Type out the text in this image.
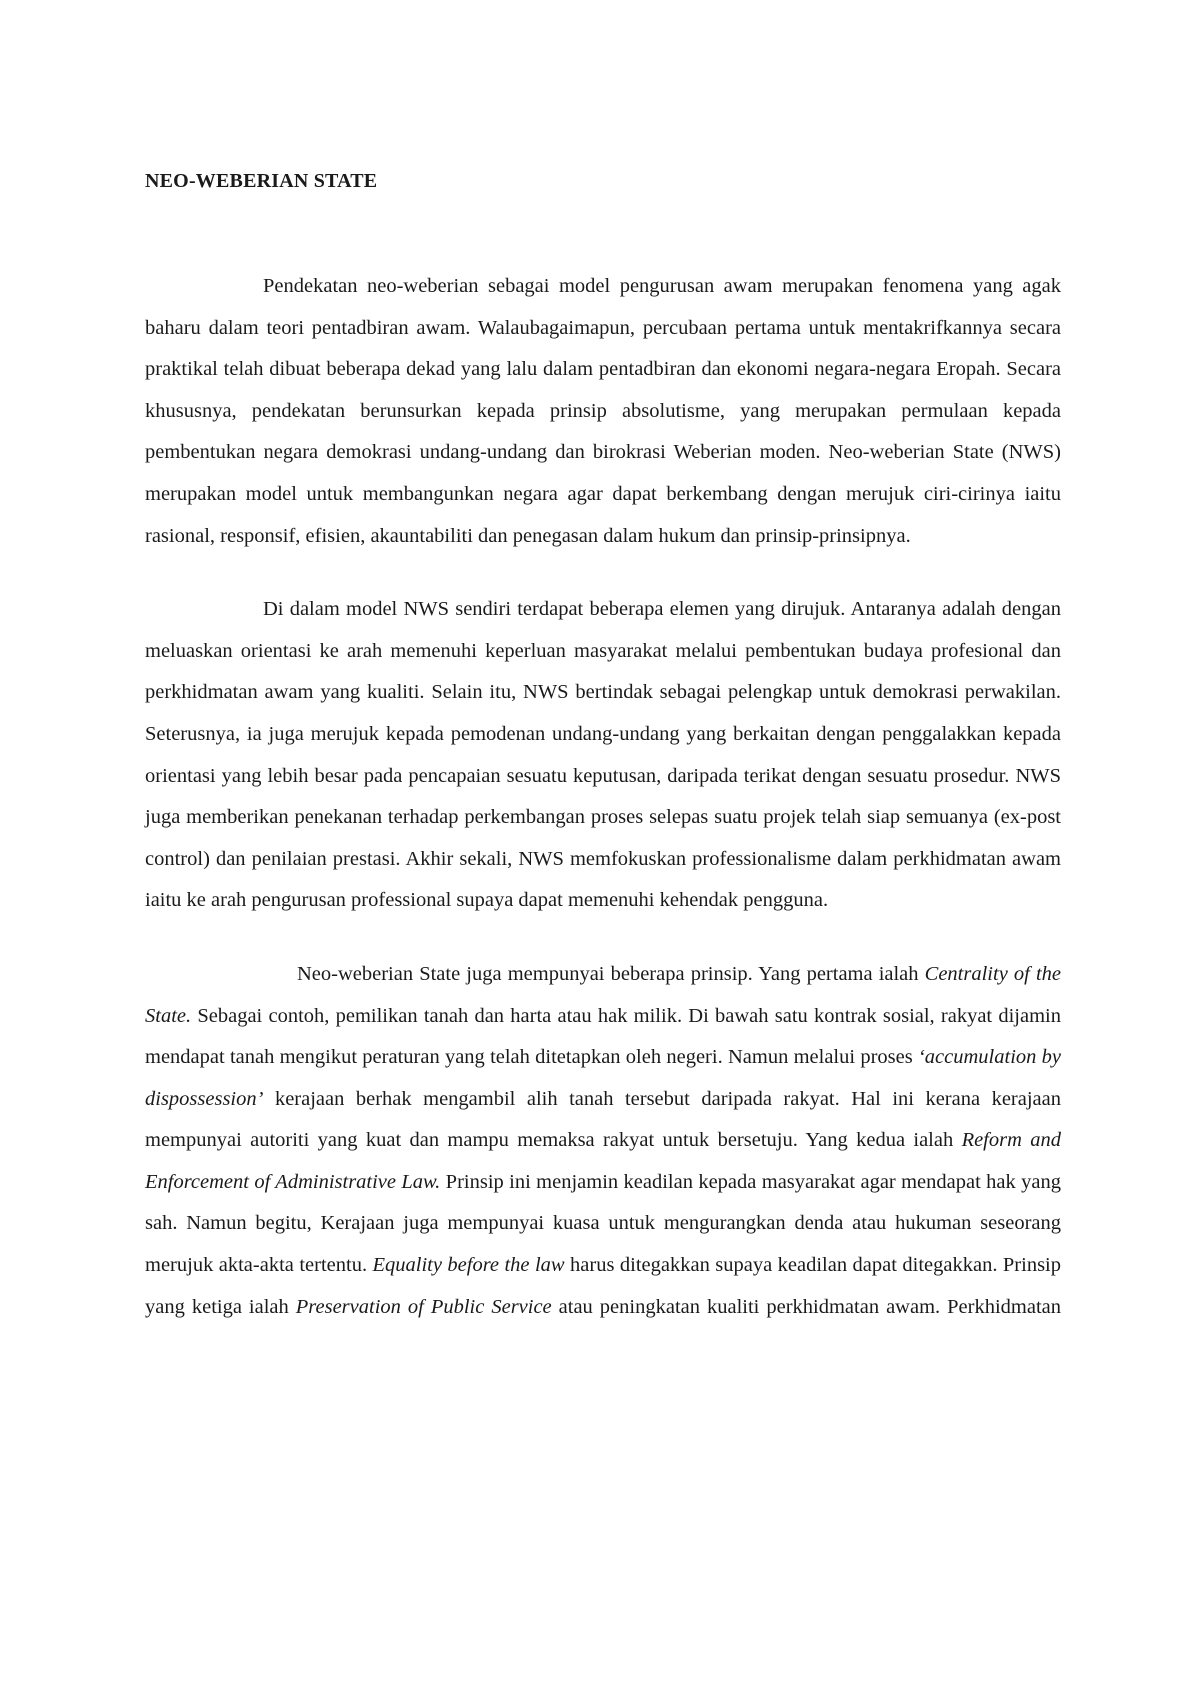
NEO-WEBERIAN STATE

Pendekatan neo-weberian sebagai model pengurusan awam merupakan fenomena yang agak baharu dalam teori pentadbiran awam. Walaubagaimapun, percubaan pertama untuk mentakrifkannya secara praktikal telah dibuat beberapa dekad yang lalu dalam pentadbiran dan ekonomi negara-negara Eropah. Secara khususnya, pendekatan berunsurkan kepada prinsip absolutisme, yang merupakan permulaan kepada pembentukan negara demokrasi undang-undang dan birokrasi Weberian moden. Neo-weberian State (NWS) merupakan model untuk membangunkan negara agar dapat berkembang dengan merujuk ciri-cirinya iaitu rasional, responsif, efisien, akauntabiliti dan penegasan dalam hukum dan prinsip-prinsipnya.

Di dalam model NWS sendiri terdapat beberapa elemen yang dirujuk. Antaranya adalah dengan meluaskan orientasi ke arah memenuhi keperluan masyarakat melalui pembentukan budaya profesional dan perkhidmatan awam yang kualiti. Selain itu, NWS bertindak sebagai pelengkap untuk demokrasi perwakilan. Seterusnya, ia juga merujuk kepada pemodenan undang-undang yang berkaitan dengan penggalakkan kepada orientasi yang lebih besar pada pencapaian sesuatu keputusan, daripada terikat dengan sesuatu prosedur. NWS juga memberikan penekanan terhadap perkembangan proses selepas suatu projek telah siap semuanya (ex-post control) dan penilaian prestasi. Akhir sekali, NWS memfokuskan professionalisme dalam perkhidmatan awam iaitu ke arah pengurusan professional supaya dapat memenuhi kehendak pengguna.

Neo-weberian State juga mempunyai beberapa prinsip. Yang pertama ialah Centrality of the State. Sebagai contoh, pemilikan tanah dan harta atau hak milik. Di bawah satu kontrak sosial, rakyat dijamin mendapat tanah mengikut peraturan yang telah ditetapkan oleh negeri. Namun melalui proses ‘accumulation by dispossession’ kerajaan berhak mengambil alih tanah tersebut daripada rakyat. Hal ini kerana kerajaan mempunyai autoriti yang kuat dan mampu memaksa rakyat untuk bersetuju. Yang kedua ialah Reform and Enforcement of Administrative Law. Prinsip ini menjamin keadilan kepada masyarakat agar mendapat hak yang sah. Namun begitu, Kerajaan juga mempunyai kuasa untuk mengurangkan denda atau hukuman seseorang merujuk akta-akta tertentu. Equality before the law harus ditegakkan supaya keadilan dapat ditegakkan. Prinsip yang ketiga ialah Preservation of Public Service atau peningkatan kualiti perkhidmatan awam. Perkhidmatan
